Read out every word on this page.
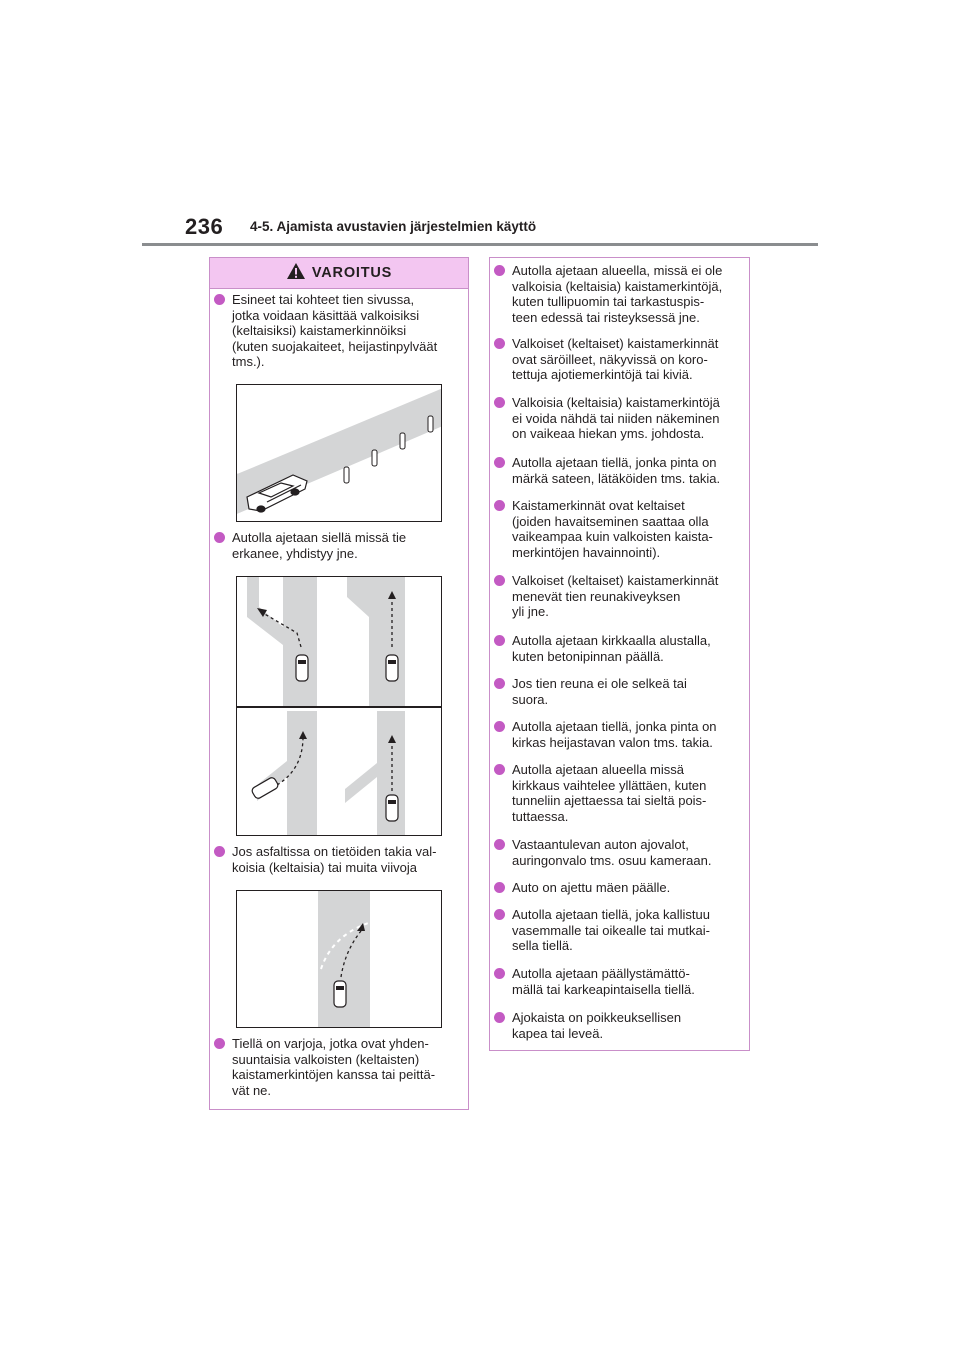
236 4-5. Ajamista avustavien järjestelmien käyttö
VAROITUS
Esineet tai kohteet tien sivussa,
jotka voidaan käsittää valkoisiksi
(keltaisiksi) kaistamerkinnöiksi
(kuten suojakaiteet, heijastinpylväät
tms.).
Autolla ajetaan siellä missä tie
erkanee, yhdistyy jne.
Jos asfaltissa on tietöiden takia val-
koisia (keltaisia) tai muita viivoja
Tiellä on varjoja, jotka ovat yhden-
suuntaisia valkoisten (keltaisten)
kaistamerkintöjen kanssa tai peittä-
vät ne.
Autolla ajetaan alueella, missä ei ole
valkoisia (keltaisia) kaistamerkintöjä,
kuten tullipuomin tai tarkastuspis-
teen edessä tai risteyksessä jne.
Valkoiset (keltaiset) kaistamerkinnät
ovat säröilleet, näkyvissä on koro-
tettuja ajotiemerkintöjä tai kiviä.
Valkoisia (keltaisia) kaistamerkintöjä
ei voida nähdä tai niiden näkeminen
on vaikeaa hiekan yms. johdosta.
Autolla ajetaan tiellä, jonka pinta on
märkä sateen, lätäköiden tms. takia.
Kaistamerkinnät ovat keltaiset
(joiden havaitseminen saattaa olla
vaikeampaa kuin valkoisten kaista-
merkintöjen havainnointi).
Valkoiset (keltaiset) kaistamerkinnät
menevät tien reunakiveyksen
yli jne.
Autolla ajetaan kirkkaalla alustalla,
kuten betonipinnan päällä.
Jos tien reuna ei ole selkeä tai
suora.
Autolla ajetaan tiellä, jonka pinta on
kirkas heijastavan valon tms. takia.
Autolla ajetaan alueella missä
kirkkaus vaihtelee yllättäen, kuten
tunneliin ajettaessa tai sieltä pois-
tuttaessa.
Vastaantulevan auton ajovalot,
auringonvalo tms. osuu kameraan.
Auto on ajettu mäen päälle.
Autolla ajetaan tiellä, joka kallistuu
vasemmalle tai oikealle tai mutkai-
sella tiellä.
Autolla ajetaan päällystämättö-
mällä tai karkeapintaisella tiellä.
Ajokaista on poikkeuksellisen
kapea tai leveä.
